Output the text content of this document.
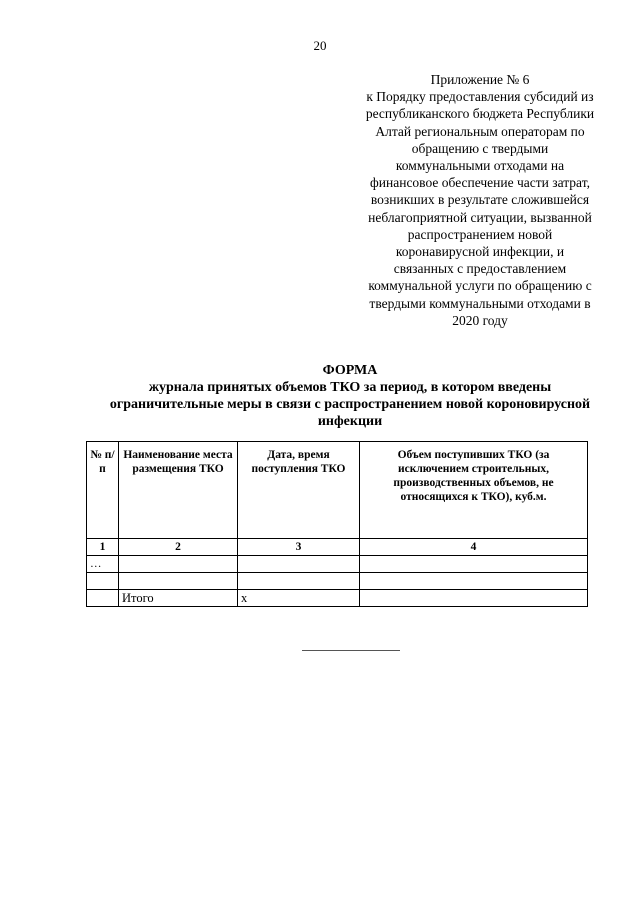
20
Приложение № 6
к Порядку предоставления субсидий из
республиканского бюджета Республики
Алтай региональным операторам по
обращению с твердыми
коммунальными отходами на
финансовое обеспечение части затрат,
возникших в результате сложившейся
неблагоприятной ситуации, вызванной
распространением новой
коронавирусной инфекции, и
связанных с предоставлением
коммунальной услуги по обращению с
твердыми коммунальными отходами в
2020 году
ФОРМА
журнала принятых объемов ТКО за период, в котором введены
ограничительные меры в связи с распространением новой короновирусной
инфекции
№ п/п	Наименование места размещения ТКО	Дата, время поступления ТКО	Объем поступивших ТКО (за исключением строительных, производственных объемов, не относящихся к ТКО), куб.м.
1	2	3	4
…			

	Итого	х	
